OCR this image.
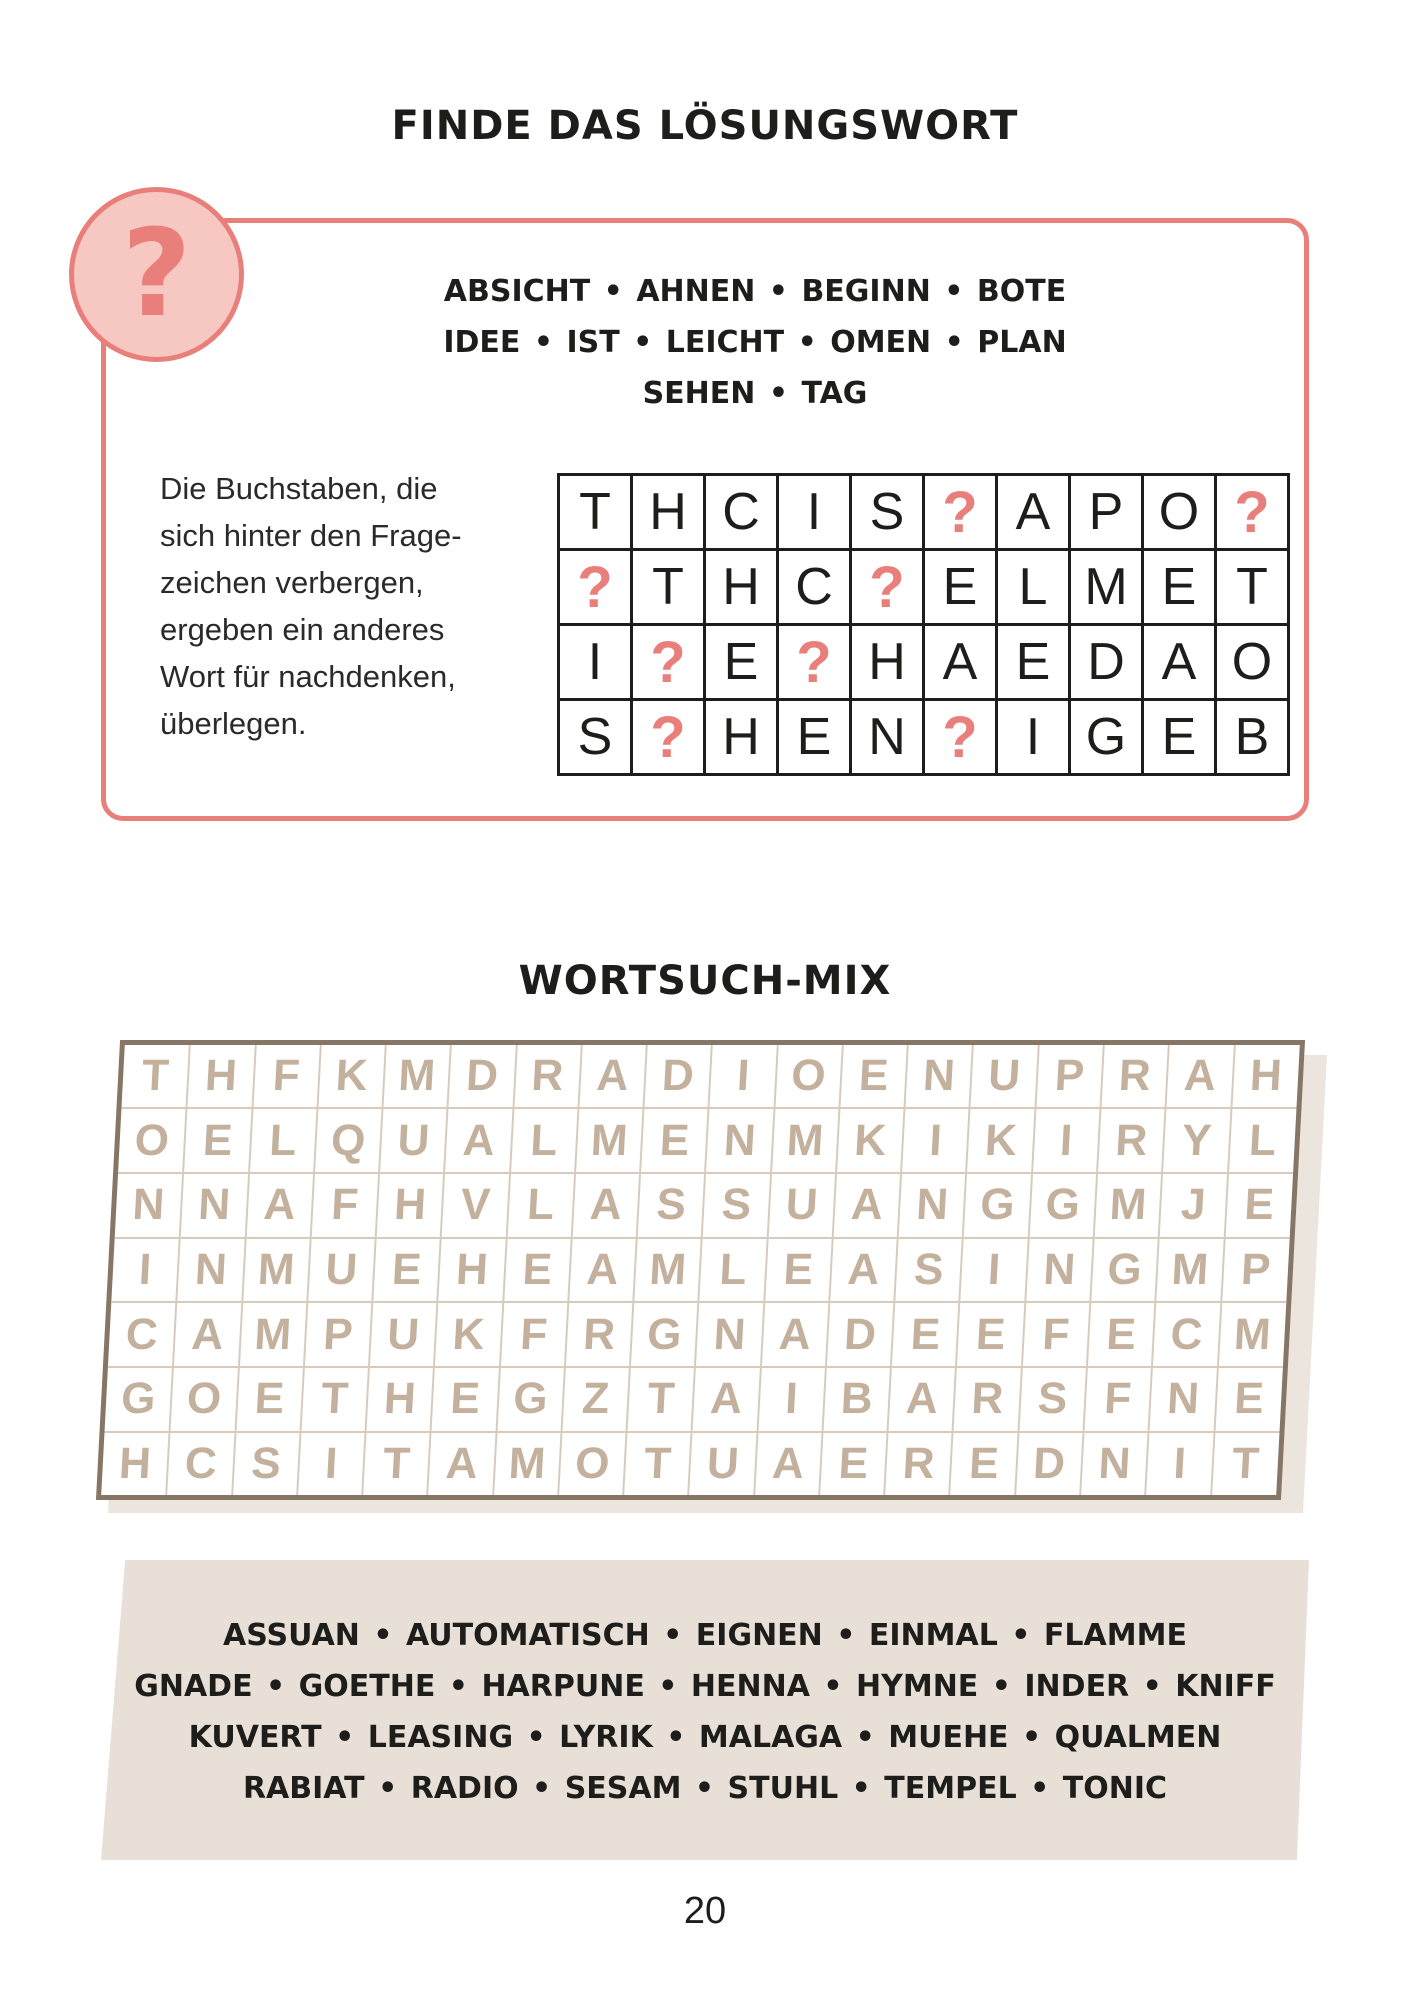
FINDE DAS LÖSUNGSWORT
?	ABSICHT • AHNEN • BEGINN • BOTE
IDEE • IST • LEICHT • OMEN • PLAN
SEHEN • TAG
Die Buchstaben, die
sich hinter den Frage-
zeichen verbergen,
ergeben ein anderes
Wort für nachdenken,
überlegen.
T	H	C	I	S	?	A	P	O	?
?	T	H	C	?	E	L	M	E	T
I	?	E	?	H	A	E	D	A	O
S	?	H	E	N	?	I	G	E	B
WORTSUCH-MIX
T	H	F	K	M	D	R	A	D	I	O	E	N	U	P	R	A	H
O	E	L	Q	U	A	L	M	E	N	M	K	I	K	I	R	Y	L
N	N	A	F	H	V	L	A	S	S	U	A	N	G	G	M	J	E
I	N	M	U	E	H	E	A	M	L	E	A	S	I	N	G	M	P
C	A	M	P	U	K	F	R	G	N	A	D	E	E	F	E	C	M
G	O	E	T	H	E	G	Z	T	A	I	B	A	R	S	F	N	E
H	C	S	I	T	A	M	O	T	U	A	E	R	E	D	N	I	T
ASSUAN • AUTOMATISCH • EIGNEN • EINMAL • FLAMME
GNADE • GOETHE • HARPUNE • HENNA • HYMNE • INDER • KNIFF
KUVERT • LEASING • LYRIK • MALAGA • MUEHE • QUALMEN
RABIAT • RADIO • SESAM • STUHL • TEMPEL • TONIC
20
